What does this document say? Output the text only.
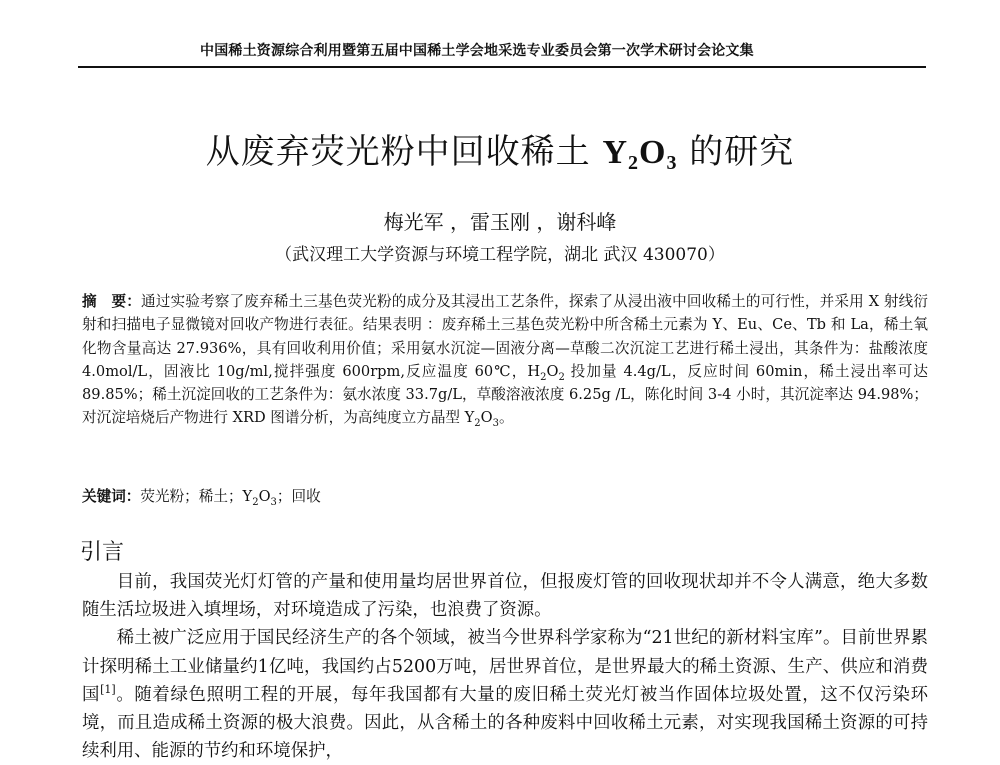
中国稀土资源综合利用暨第五届中国稀土学会地采选专业委员会第一次学术研讨会论文集
从废弃荧光粉中回收稀土 $Y_2O_3$ 的研究
梅光军 ，雷玉刚 ，谢科峰
（武汉理工大学资源与环境工程学院，湖北 武汉 430070）
摘　要：通过实验考察了废弃稀土三基色荧光粉的成分及其浸出工艺条件，探索了从浸出液中回收稀土的可行性，并采用 X 射线衍射和扫描电子显微镜对回收产物进行表征。结果表明 ：废弃稀土三基色荧光粉中所含稀土元素为 Y、Eu、Ce、Tb 和 La，稀土氧化物含量高达 27.936%，具有回收利用价值；采用氨水沉淀—固液分离—草酸二次沉淀工艺进行稀土浸出，其条件为：盐酸浓度 4.0mol/L，固液比 10g/ml,搅拌强度 600rpm,反应温度 60℃，$H_2O_2$ 投加量 4.4g/L，反应时间 60min，稀土浸出率可达 89.85%；稀土沉淀回收的工艺条件为：氨水浓度 33.7g/L，草酸溶液浓度 6.25g /L，陈化时间 3-4 小时，其沉淀率达 94.98%；对沉淀培烧后产物进行 XRD 图谱分析，为高纯度立方晶型 $Y_2O_3$。
关键词：荧光粉；稀土；$Y_2O_3$；回收
引言

目前，我国荧光灯灯管的产量和使用量均居世界首位，但报废灯管的回收现状却并不令人满意，绝大多数随生活垃圾进入填埋场，对环境造成了污染，也浪费了资源。

稀土被广泛应用于国民经济生产的各个领域，被当今世界科学家称为“21世纪的新材料宝库”。目前世界累计探明稀土工业储量约1亿吨，我国约占5200万吨，居世界首位，是世界最大的稀土资源、生产、供应和消费国[1]。随着绿色照明工程的开展，每年我国都有大量的废旧稀土荧光灯被当作固体垃圾处置，这不仅污染环境，而且造成稀土资源的极大浪费。因此，从含稀土的各种废料中回收稀土元素，对实现我国稀土资源的可持续利用、能源的节约和环境保护，
